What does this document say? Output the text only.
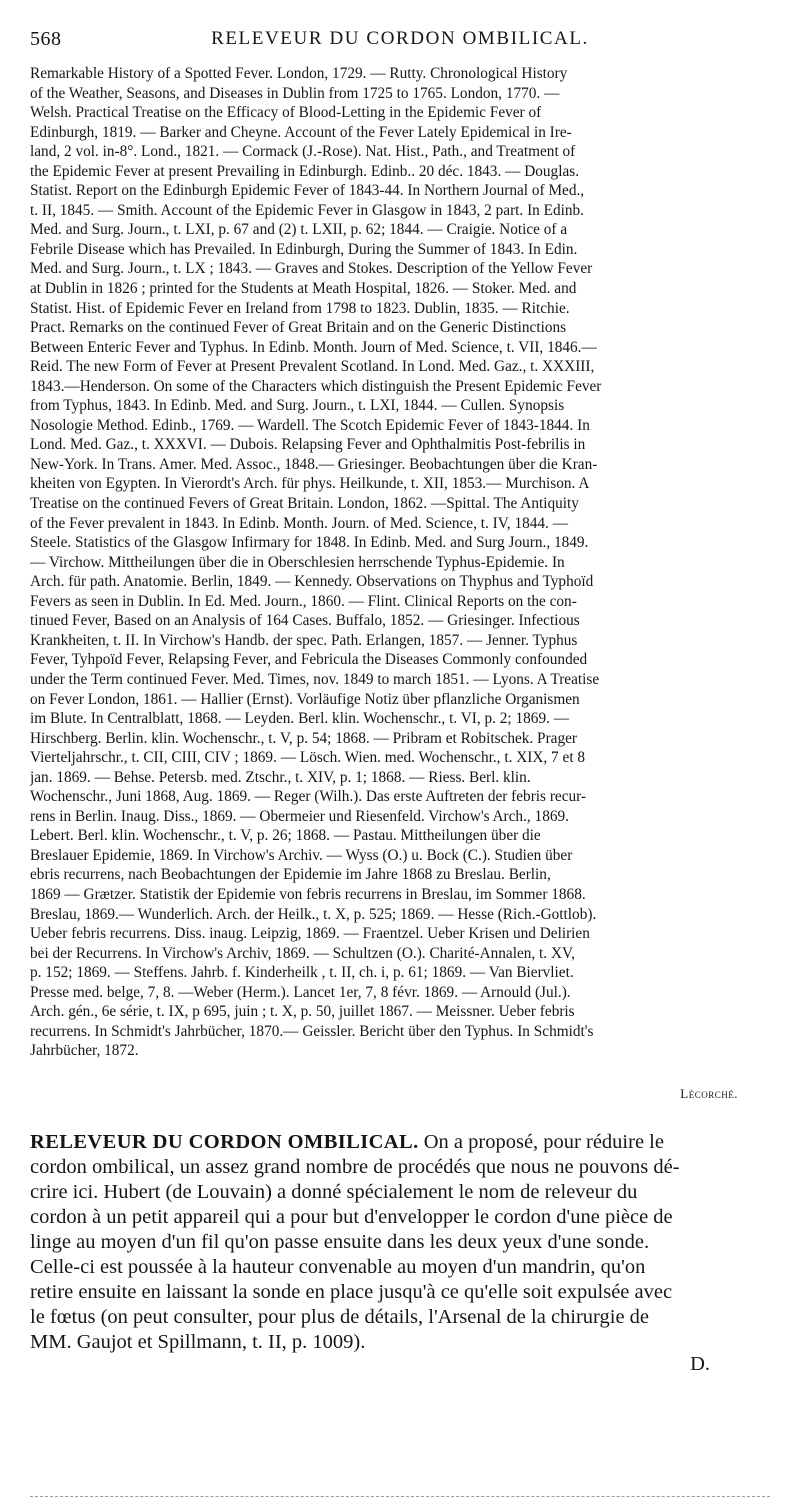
568	RELEVEUR DU CORDON OMBILICAL.
Remarkable History of a Spotted Fever. London, 1729. — Rutty. Chronological History
of the Weather, Seasons, and Diseases in Dublin from 1725 to 1765. London, 1770. —
Welsh. Practical Treatise on the Efficacy of Blood-Letting in the Epidemic Fever of
Edinburgh, 1819. — Barker and Cheyne. Account of the Fever Lately Epidemical in Ire-
land, 2 vol. in-8°. Lond., 1821. — Cormack (J.-Rose). Nat. Hist., Path., and Treatment of
the Epidemic Fever at present Prevailing in Edinburgh. Edinb.. 20 déc. 1843. — Douglas.
Statist. Report on the Edinburgh Epidemic Fever of 1843-44. In Northern Journal of Med.,
t. II, 1845. — Smith. Account of the Epidemic Fever in Glasgow in 1843, 2 part. In Edinb.
Med. and Surg. Journ., t. LXI, p. 67 and (2) t. LXII, p. 62; 1844. — Craigie. Notice of a
Febrile Disease which has Prevailed. In Edinburgh, During the Summer of 1843. In Edin.
Med. and Surg. Journ., t. LX ; 1843. — Graves and Stokes. Description of the Yellow Fever
at Dublin in 1826 ; printed for the Students at Meath Hospital, 1826. — Stoker. Med. and
Statist. Hist. of Epidemic Fever en Ireland from 1798 to 1823. Dublin, 1835. — Ritchie.
Pract. Remarks on the continued Fever of Great Britain and on the Generic Distinctions
Between Enteric Fever and Typhus. In Edinb. Month. Journ of Med. Science, t. VII, 1846.—
Reid. The new Form of Fever at Present Prevalent Scotland. In Lond. Med. Gaz., t. XXXIII,
1843.—Henderson. On some of the Characters which distinguish the Present Epidemic Fever
from Typhus, 1843. In Edinb. Med. and Surg. Journ., t. LXI, 1844. — Cullen. Synopsis
Nosologie Method. Edinb., 1769. — Wardell. The Scotch Epidemic Fever of 1843-1844. In
Lond. Med. Gaz., t. XXXVI. — Dubois. Relapsing Fever and Ophthalmitis Post-febrilis in
New-York. In Trans. Amer. Med. Assoc., 1848.— Griesinger. Beobachtungen über die Kran-
kheiten von Egypten. In Vierordt's Arch. für phys. Heilkunde, t. XII, 1853.— Murchison. A
Treatise on the continued Fevers of Great Britain. London, 1862. —Spittal. The Antiquity
of the Fever prevalent in 1843. In Edinb. Month. Journ. of Med. Science, t. IV, 1844. —
Steele. Statistics of the Glasgow Infirmary for 1848. In Edinb. Med. and Surg Journ., 1849.
— Virchow. Mittheilungen über die in Oberschlesien herrschende Typhus-Epidemie. In
Arch. für path. Anatomie. Berlin, 1849. — Kennedy. Observations on Thyphus and Typhoïd
Fevers as seen in Dublin. In Ed. Med. Journ., 1860. — Flint. Clinical Reports on the con-
tinued Fever, Based on an Analysis of 164 Cases. Buffalo, 1852. — Griesinger. Infectious
Krankheiten, t. II. In Virchow's Handb. der spec. Path. Erlangen, 1857. — Jenner. Typhus
Fever, Tyhpoïd Fever, Relapsing Fever, and Febricula the Diseases Commonly confounded
under the Term continued Fever. Med. Times, nov. 1849 to march 1851. — Lyons. A Treatise
on Fever London, 1861. — Hallier (Ernst). Vorläufige Notiz über pflanzliche Organismen
im Blute. In Centralblatt, 1868. — Leyden. Berl. klin. Wochenschr., t. VI, p. 2; 1869. —
Hirschberg. Berlin. klin. Wochenschr., t. V, p. 54; 1868. — Pribram et Robitschek. Prager
Vierteljahrschr., t. CII, CIII, CIV ; 1869. — Lösch. Wien. med. Wochenschr., t. XIX, 7 et 8
jan. 1869. — Behse. Petersb. med. Ztschr., t. XIV, p. 1; 1868. — Riess. Berl. klin.
Wochenschr., Juni 1868, Aug. 1869. — Reger (Wilh.). Das erste Auftreten der febris recur-
rens in Berlin. Inaug. Diss., 1869. — Obermeier und Riesenfeld. Virchow's Arch., 1869.
Lebert. Berl. klin. Wochenschr., t. V, p. 26; 1868. — Pastau. Mittheilungen über die
Breslauer Epidemie, 1869. In Virchow's Archiv. — Wyss (O.) u. Bock (C.). Studien über
ebris recurrens, nach Beobachtungen der Epidemie im Jahre 1868 zu Breslau. Berlin,
1869 — Grætzer. Statistik der Epidemie von febris recurrens in Breslau, im Sommer 1868.
Breslau, 1869.— Wunderlich. Arch. der Heilk., t. X, p. 525; 1869. — Hesse (Rich.-Gottlob).
Ueber febris recurrens. Diss. inaug. Leipzig, 1869. — Fraentzel. Ueber Krisen und Delirien
bei der Recurrens. In Virchow's Archiv, 1869. — Schultzen (O.). Charité-Annalen, t. XV,
p. 152; 1869. — Steffens. Jahrb. f. Kinderheilk , t. II, ch. i, p. 61; 1869. — Van Biervliet.
Presse med. belge, 7, 8. —Weber (Herm.). Lancet 1er, 7, 8 févr. 1869. — Arnould (Jul.).
Arch. gén., 6e série, t. IX, p 695, juin ; t. X, p. 50, juillet 1867. — Meissner. Ueber febris
recurrens. In Schmidt's Jahrbücher, 1870.— Geissler. Bericht über den Typhus. In Schmidt's
Jahrbücher, 1872.
Lécorché.
RELEVEUR DU CORDON OMBILICAL. On a proposé, pour réduire le
cordon ombilical, un assez grand nombre de procédés que nous ne pouvons dé-
crire ici. Hubert (de Louvain) a donné spécialement le nom de releveur du
cordon à un petit appareil qui a pour but d'envelopper le cordon d'une pièce de
linge au moyen d'un fil qu'on passe ensuite dans les deux yeux d'une sonde.
Celle-ci est poussée à la hauteur convenable au moyen d'un mandrin, qu'on
retire ensuite en laissant la sonde en place jusqu'à ce qu'elle soit expulsée avec
le fœtus (on peut consulter, pour plus de détails, l'Arsenal de la chirurgie de
MM. Gaujot et Spillmann, t. II, p. 1009).
D.
